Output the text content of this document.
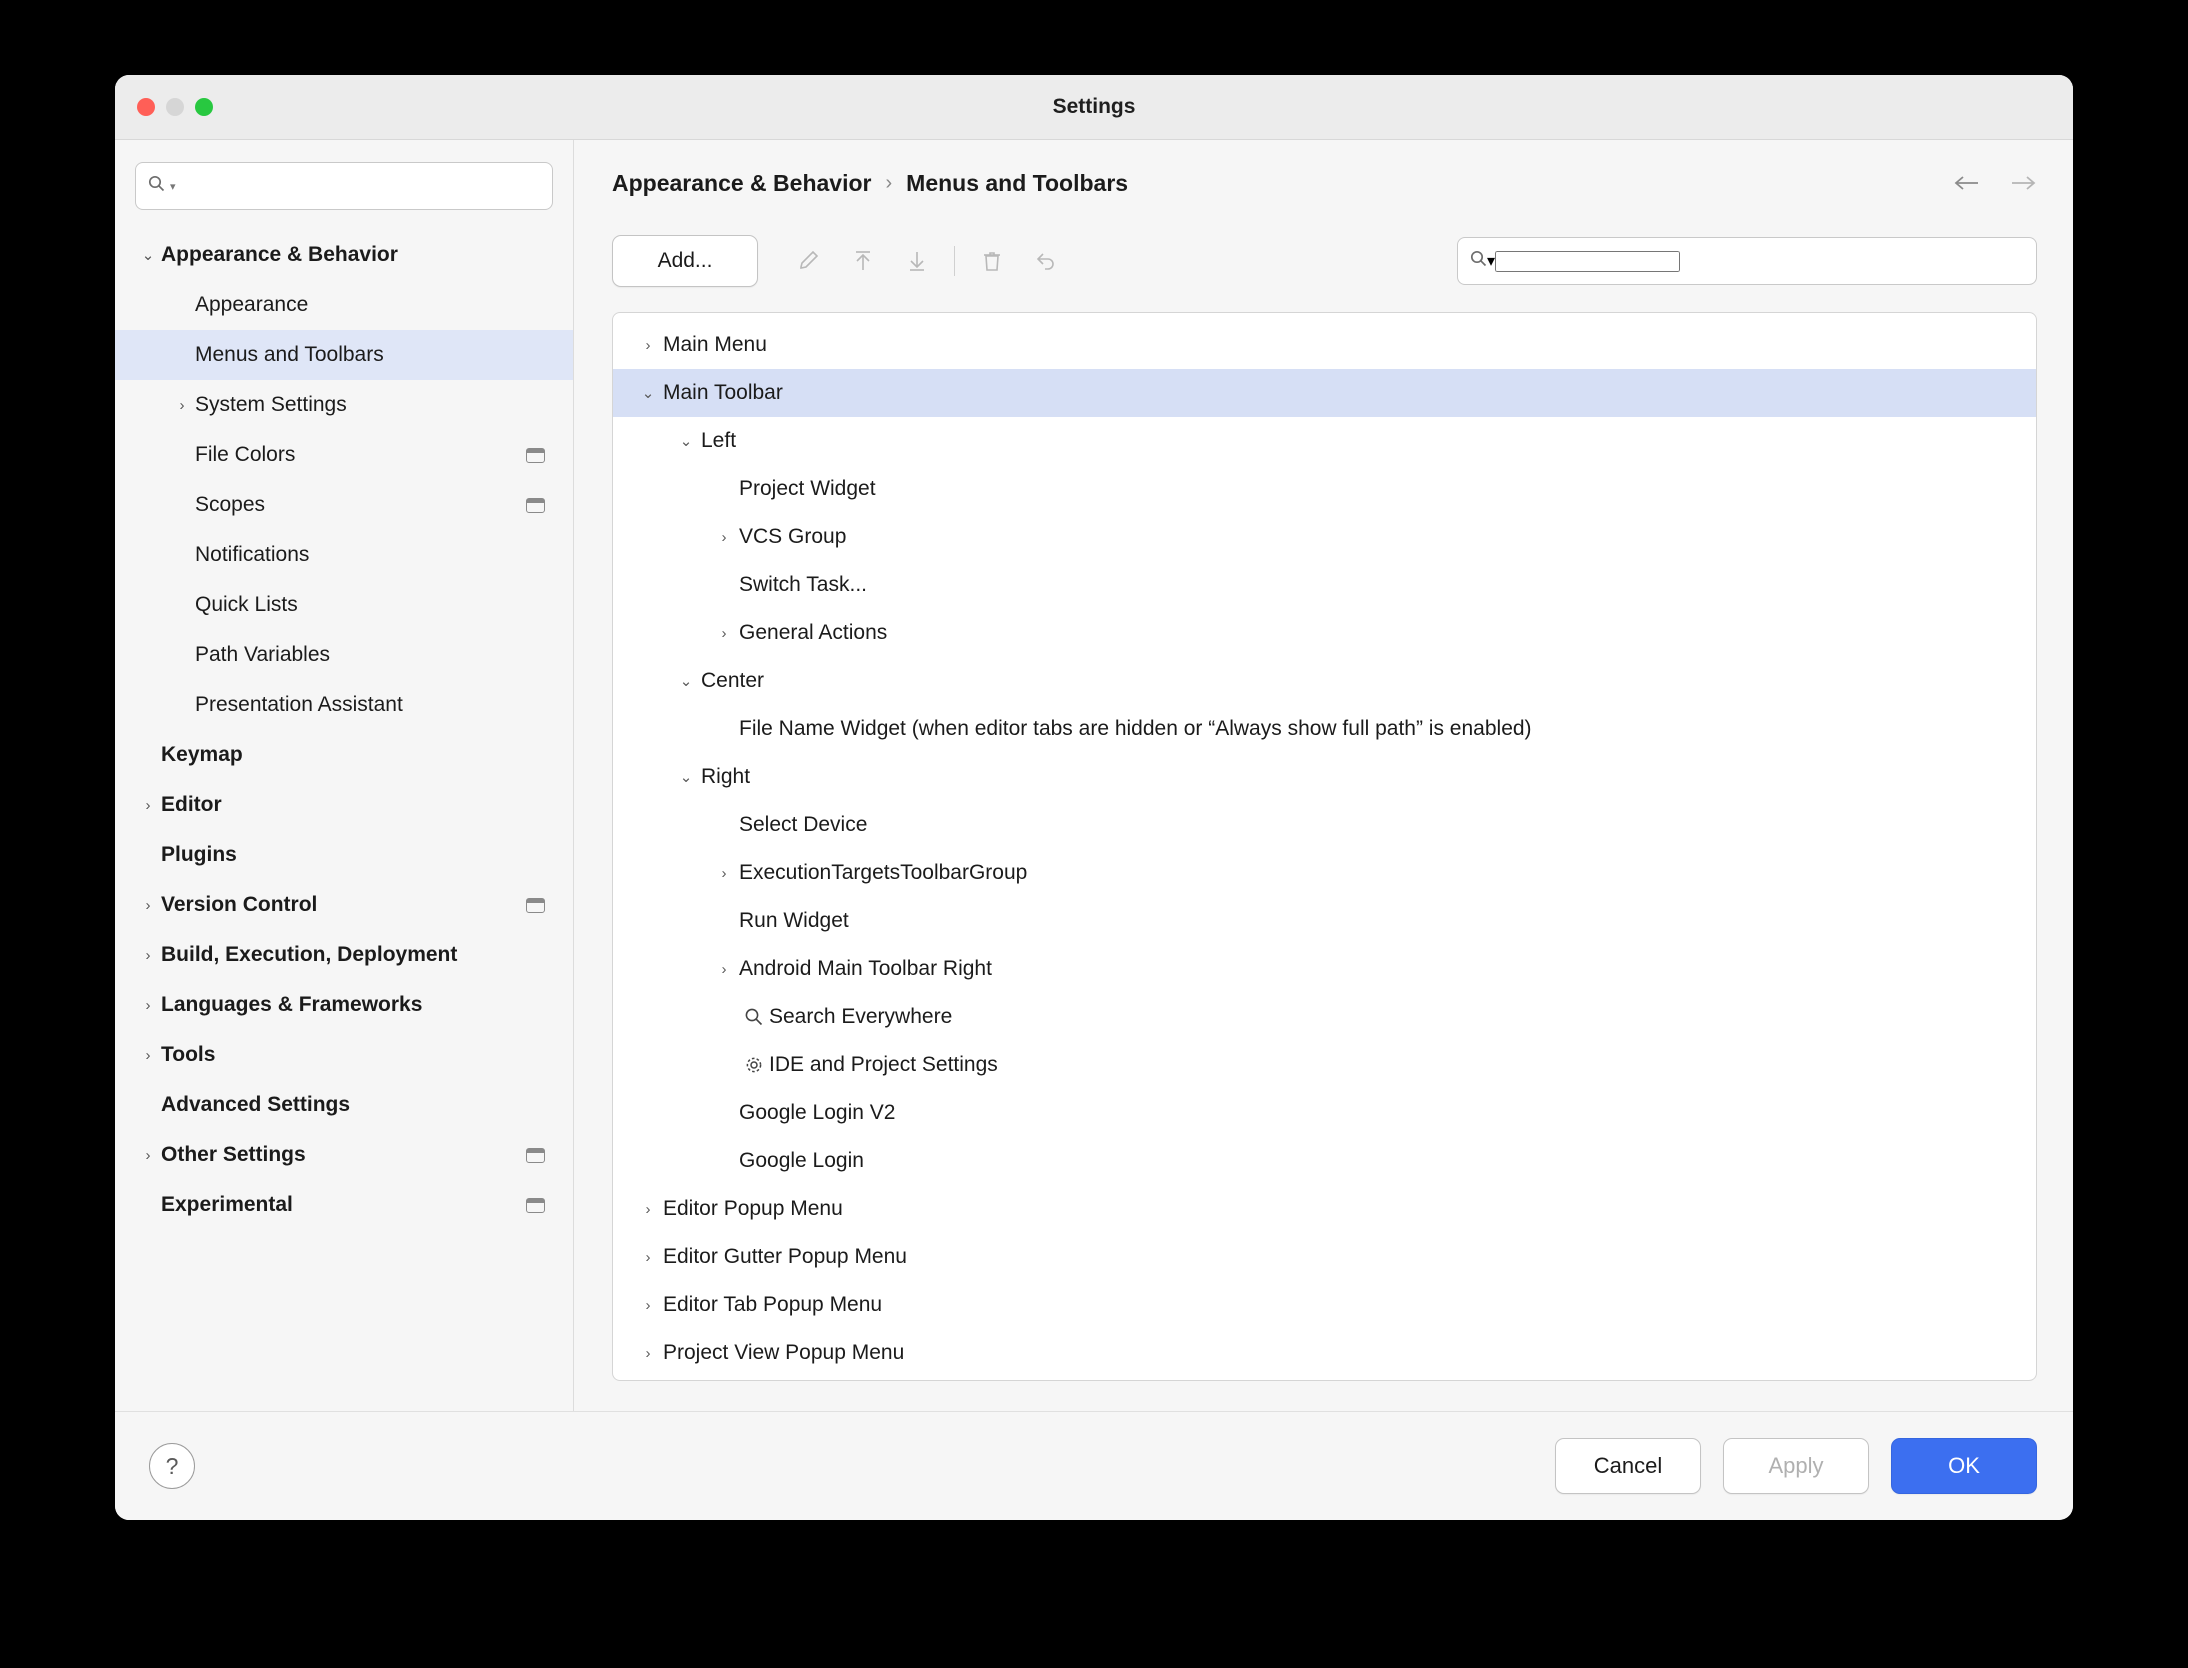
Settings
▾
⌄ Appearance & Behavior
Appearance
Menus and Toolbars
› System Settings
File Colors
Scopes
Notifications
Quick Lists
Path Variables
Presentation Assistant
Keymap
› Editor
Plugins
› Version Control
› Build, Execution, Deployment
› Languages & Frameworks
› Tools
Advanced Settings
› Other Settings
Experimental
Appearance & Behavior › Menus and Toolbars
Add...	▾
› Main Menu
⌄ Main Toolbar
⌄ Left
Project Widget
› VCS Group
Switch Task...
› General Actions
⌄ Center
File Name Widget (when editor tabs are hidden or “Always show full path” is enabled)
⌄ Right
Select Device
› ExecutionTargetsToolbarGroup
Run Widget
› Android Main Toolbar Right
Search Everywhere
IDE and Project Settings
Google Login V2
Google Login
› Editor Popup Menu
› Editor Gutter Popup Menu
› Editor Tab Popup Menu
› Project View Popup Menu
?	Cancel	Apply	OK
